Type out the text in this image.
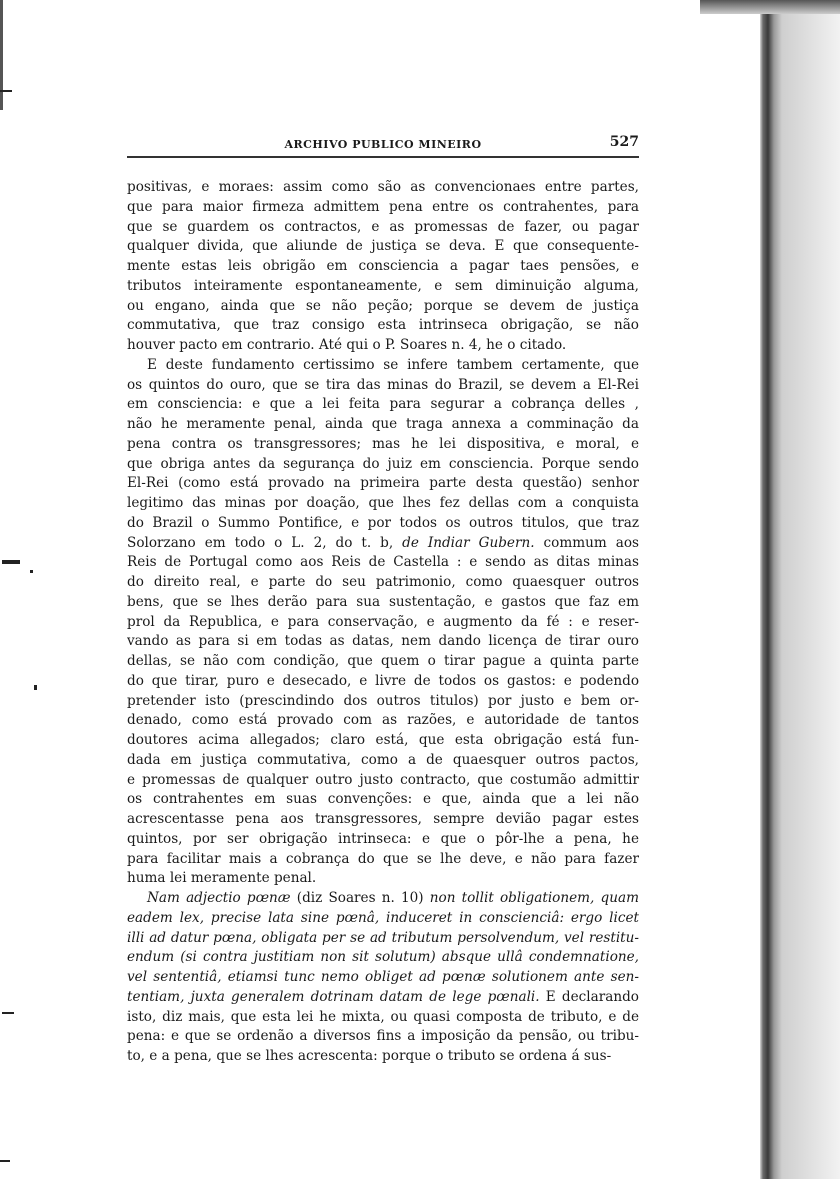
ARCHIVO PUBLICO MINEIRO	527
positivas, e moraes: assim como são as convencionaes entre partes,
que para maior firmeza admittem pena entre os contrahentes, para
que se guardem os contractos, e as promessas de fazer, ou pagar
qualquer divida, que aliunde de justiça se deva. E que consequente-
mente estas leis obrigão em consciencia a pagar taes pensões, e
tributos inteiramente espontaneamente, e sem diminuição alguma,
ou engano, ainda que se não peção; porque se devem de justiça
commutativa, que traz consigo esta intrinseca obrigação, se não
houver pacto em contrario. Até qui o P. Soares n. 4, he o citado.
E deste fundamento certissimo se infere tambem certamente, que
os quintos do ouro, que se tira das minas do Brazil, se devem a El-Rei
em consciencia: e que a lei feita para segurar a cobrança delles ,
não he meramente penal, ainda que traga annexa a comminação da
pena contra os transgressores; mas he lei dispositiva, e moral, e
que obriga antes da segurança do juiz em consciencia. Porque sendo
El-Rei (como está provado na primeira parte desta questão) senhor
legitimo das minas por doação, que lhes fez dellas com a conquista
do Brazil o Summo Pontifice, e por todos os outros titulos, que traz
Solorzano em todo o L. 2, do t. b, de Indiar Gubern. commum aos
Reis de Portugal como aos Reis de Castella : e sendo as ditas minas
do direito real, e parte do seu patrimonio, como quaesquer outros
bens, que se lhes derão para sua sustentação, e gastos que faz em
prol da Republica, e para conservação, e augmento da fé : e reser-
vando as para si em todas as datas, nem dando licença de tirar ouro
dellas, se não com condição, que quem o tirar pague a quinta parte
do que tirar, puro e desecado, e livre de todos os gastos: e podendo
pretender isto (prescindindo dos outros titulos) por justo e bem or-
denado, como está provado com as razões, e autoridade de tantos
doutores acima allegados; claro está, que esta obrigação está fun-
dada em justiça commutativa, como a de quaesquer outros pactos,
e promessas de qualquer outro justo contracto, que costumão admittir
os contrahentes em suas convenções: e que, ainda que a lei não
acrescentasse pena aos transgressores, sempre devião pagar estes
quintos, por ser obrigação intrinseca: e que o pôr-lhe a pena, he
para facilitar mais a cobrança do que se lhe deve, e não para fazer
huma lei meramente penal.
Nam adjectio pœnæ (diz Soares n. 10) non tollit obligationem, quam
eadem lex, precise lata sine pœnâ, induceret in conscienciâ: ergo licet
illi ad datur pœna, obligata per se ad tributum persolvendum, vel restitu-
endum (si contra justitiam non sit solutum) absque ullâ condemnatione,
vel sententiâ, etiamsi tunc nemo obliget ad pœnæ solutionem ante sen-
tentiam, juxta generalem dotrinam datam de lege pœnali. E declarando
isto, diz mais, que esta lei he mixta, ou quasi composta de tributo, e de
pena: e que se ordenão a diversos fins a imposição da pensão, ou tribu-
to, e a pena, que se lhes acrescenta: porque o tributo se ordena á sus-
